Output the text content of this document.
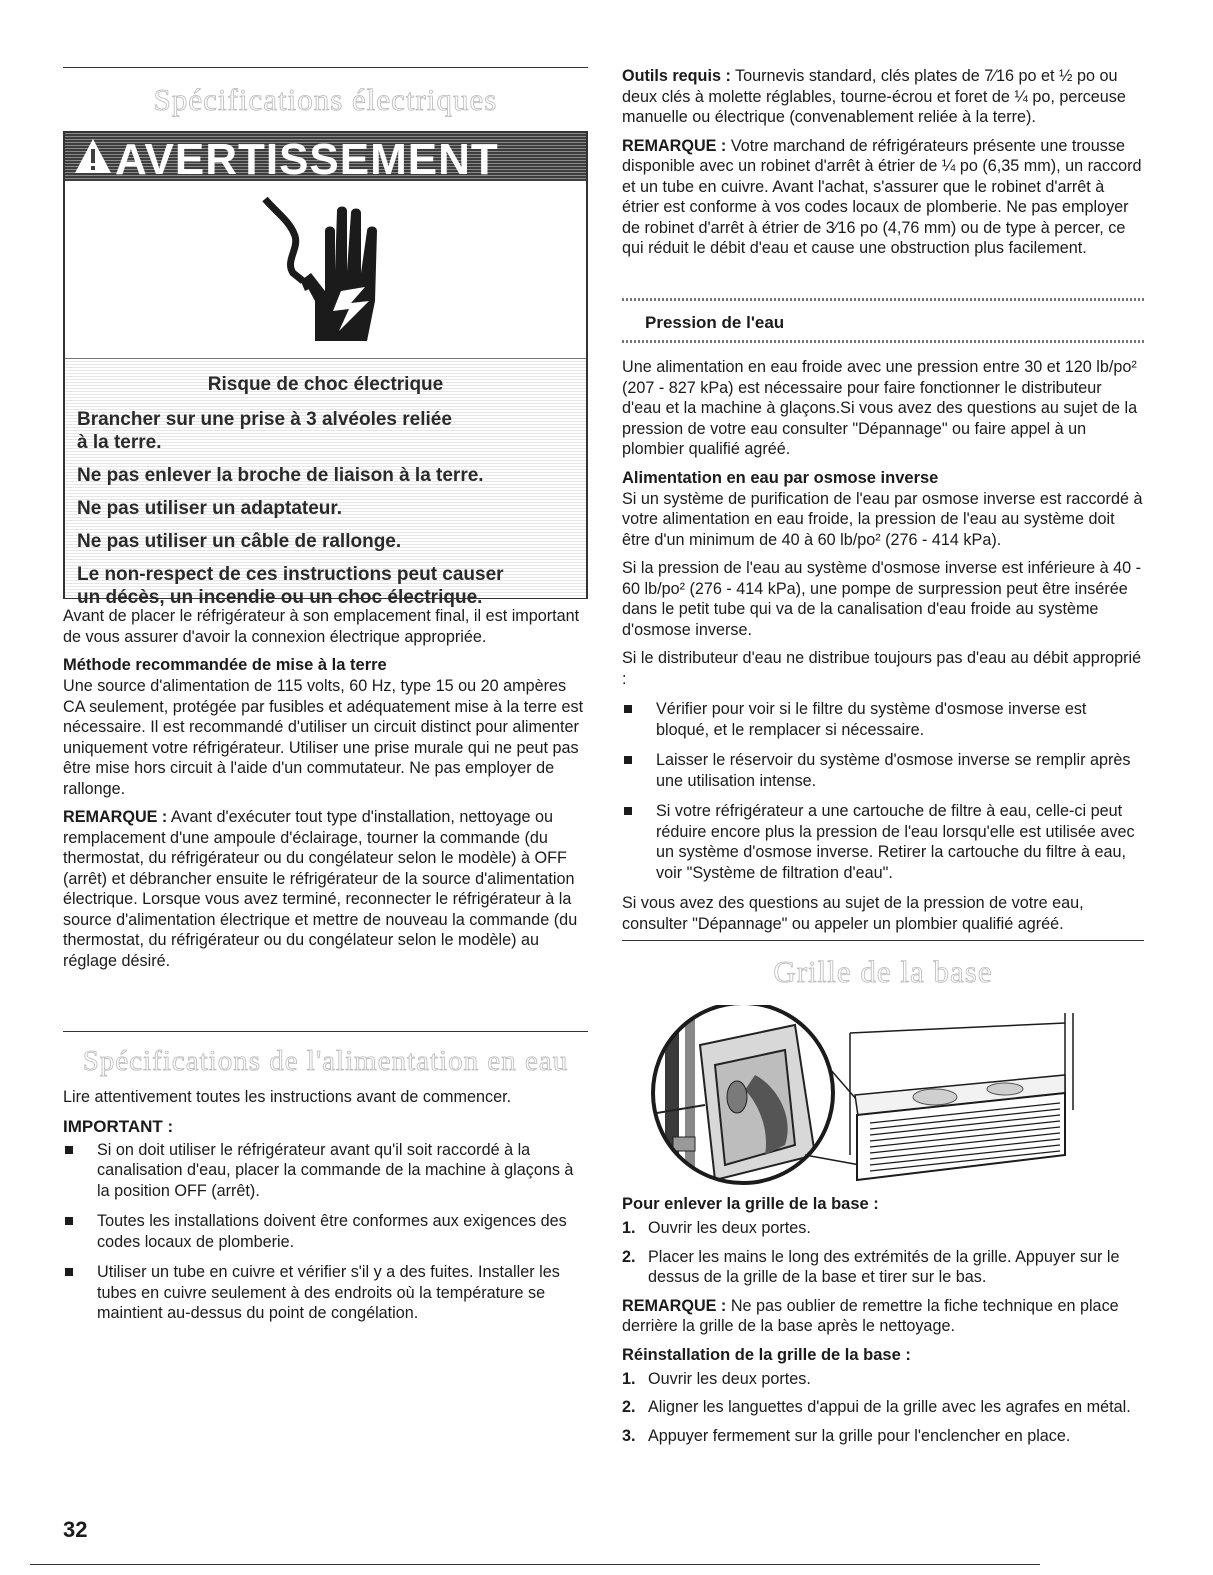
Spécifications électriques
AVERTISSEMENT
Risque de choc électrique
Brancher sur une prise à 3 alvéoles reliée
à la terre.
Ne pas enlever la broche de liaison à la terre.
Ne pas utiliser un adaptateur.
Ne pas utiliser un câble de rallonge.
Le non-respect de ces instructions peut causer
un décès, un incendie ou un choc électrique.

Avant de placer le réfrigérateur à son emplacement final, il est important de vous assurer d'avoir la connexion électrique appropriée.

Méthode recommandée de mise à la terre

Une source d'alimentation de 115 volts, 60 Hz, type 15 ou 20 ampères CA seulement, protégée par fusibles et adéquatement mise à la terre est nécessaire. Il est recommandé d'utiliser un circuit distinct pour alimenter uniquement votre réfrigérateur. Utiliser une prise murale qui ne peut pas être mise hors circuit à l'aide d'un commutateur. Ne pas employer de rallonge.

REMARQUE : Avant d'exécuter tout type d'installation, nettoyage ou remplacement d'une ampoule d'éclairage, tourner la commande (du thermostat, du réfrigérateur ou du congélateur selon le modèle) à OFF (arrêt) et débrancher ensuite le réfrigérateur de la source d'alimentation électrique. Lorsque vous avez terminé, reconnecter le réfrigérateur à la source d'alimentation électrique et mettre de nouveau la commande (du thermostat, du réfrigérateur ou du congélateur selon le modèle) au réglage désiré.

Spécifications de l'alimentation en eau

Lire attentivement toutes les instructions avant de commencer.

IMPORTANT :

Si on doit utiliser le réfrigérateur avant qu'il soit raccordé à la canalisation d'eau, placer la commande de la machine à glaçons à la position OFF (arrêt).
Toutes les installations doivent être conformes aux exigences des codes locaux de plomberie.
Utiliser un tube en cuivre et vérifier s'il y a des fuites. Installer les tubes en cuivre seulement à des endroits où la température se maintient au-dessus du point de congélation.
32

Outils requis : Tournevis standard, clés plates de 7⁄16 po et ½ po ou deux clés à molette réglables, tourne-écrou et foret de ¼ po, perceuse manuelle ou électrique (convenablement reliée à la terre).

REMARQUE : Votre marchand de réfrigérateurs présente une trousse disponible avec un robinet d'arrêt à étrier de ¼ po (6,35 mm), un raccord et un tube en cuivre. Avant l'achat, s'assurer que le robinet d'arrêt à étrier est conforme à vos codes locaux de plomberie. Ne pas employer de robinet d'arrêt à étrier de 3⁄16 po (4,76 mm) ou de type à percer, ce qui réduit le débit d'eau et cause une obstruction plus facilement.

Pression de l'eau

Une alimentation en eau froide avec une pression entre 30 et 120 lb/po² (207 - 827 kPa) est nécessaire pour faire fonctionner le distributeur d'eau et la machine à glaçons.Si vous avez des questions au sujet de la pression de votre eau consulter "Dépannage" ou faire appel à un plombier qualifié agréé.

Alimentation en eau par osmose inverse

Si un système de purification de l'eau par osmose inverse est raccordé à votre alimentation en eau froide, la pression de l'eau au système doit être d'un minimum de 40 à 60 lb/po² (276 - 414 kPa).

Si la pression de l'eau au système d'osmose inverse est inférieure à 40 - 60 lb/po² (276 - 414 kPa), une pompe de surpression peut être insérée dans le petit tube qui va de la canalisation d'eau froide au système d'osmose inverse.

Si le distributeur d'eau ne distribue toujours pas d'eau au débit approprié :

Vérifier pour voir si le filtre du système d'osmose inverse est bloqué, et le remplacer si nécessaire.
Laisser le réservoir du système d'osmose inverse se remplir après une utilisation intense.
Si votre réfrigérateur a une cartouche de filtre à eau, celle-ci peut réduire encore plus la pression de l'eau lorsqu'elle est utilisée avec un système d'osmose inverse. Retirer la cartouche du filtre à eau, voir "Système de filtration d'eau".

Si vous avez des questions au sujet de la pression de votre eau, consulter "Dépannage" ou appeler un plombier qualifié agréé.

Grille de la base

Pour enlever la grille de la base :

1. Ouvrir les deux portes.
2. Placer les mains le long des extrémités de la grille. Appuyer sur le dessus de la grille de la base et tirer sur le bas.

REMARQUE : Ne pas oublier de remettre la fiche technique en place derrière la grille de la base après le nettoyage.

Réinstallation de la grille de la base :

1. Ouvrir les deux portes.
2. Aligner les languettes d'appui de la grille avec les agrafes en métal.
3. Appuyer fermement sur la grille pour l'enclencher en place.
